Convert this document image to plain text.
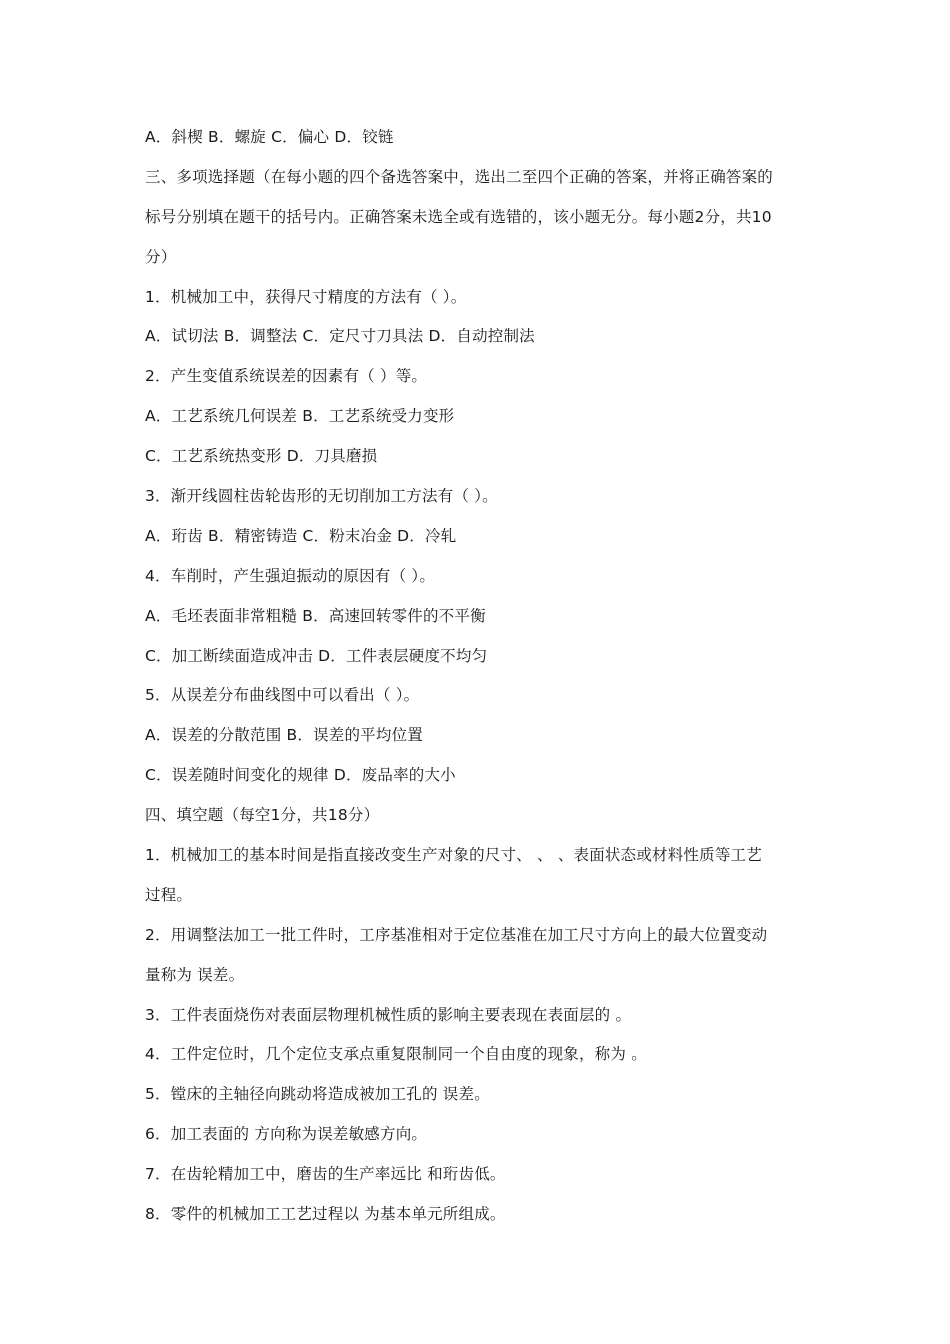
A．斜楔 B．螺旋 C．偏心 D．铰链
三、多项选择题（在每小题的四个备选答案中，选出二至四个正确的答案，并将正确答案的
标号分别填在题干的括号内。正确答案未选全或有选错的，该小题无分。每小题2分，共10
分）
1．机械加工中，获得尺寸精度的方法有（ ）。
A．试切法 B．调整法 C．定尺寸刀具法 D．自动控制法
2．产生变值系统误差的因素有（ ）等。
A．工艺系统几何误差 B．工艺系统受力变形
C．工艺系统热变形 D．刀具磨损
3．渐开线圆柱齿轮齿形的无切削加工方法有（ ）。
A．珩齿 B．精密铸造 C．粉末冶金 D．冷轧
4．车削时，产生强迫振动的原因有（ ）。
A．毛坯表面非常粗糙 B．高速回转零件的不平衡
C．加工断续面造成冲击 D．工件表层硬度不均匀
5．从误差分布曲线图中可以看出（ ）。
A．误差的分散范围 B．误差的平均位置
C．误差随时间变化的规律 D．废品率的大小
四、填空题（每空1分，共18分）
1．机械加工的基本时间是指直接改变生产对象的尺寸、 、 、表面状态或材料性质等工艺
过程。
2．用调整法加工一批工件时，工序基准相对于定位基准在加工尺寸方向上的最大位置变动
量称为 误差。
3．工件表面烧伤对表面层物理机械性质的影响主要表现在表面层的 。
4．工件定位时，几个定位支承点重复限制同一个自由度的现象，称为 。
5．镗床的主轴径向跳动将造成被加工孔的 误差。
6．加工表面的 方向称为误差敏感方向。
7．在齿轮精加工中，磨齿的生产率远比 和珩齿低。
8．零件的机械加工工艺过程以 为基本单元所组成。
